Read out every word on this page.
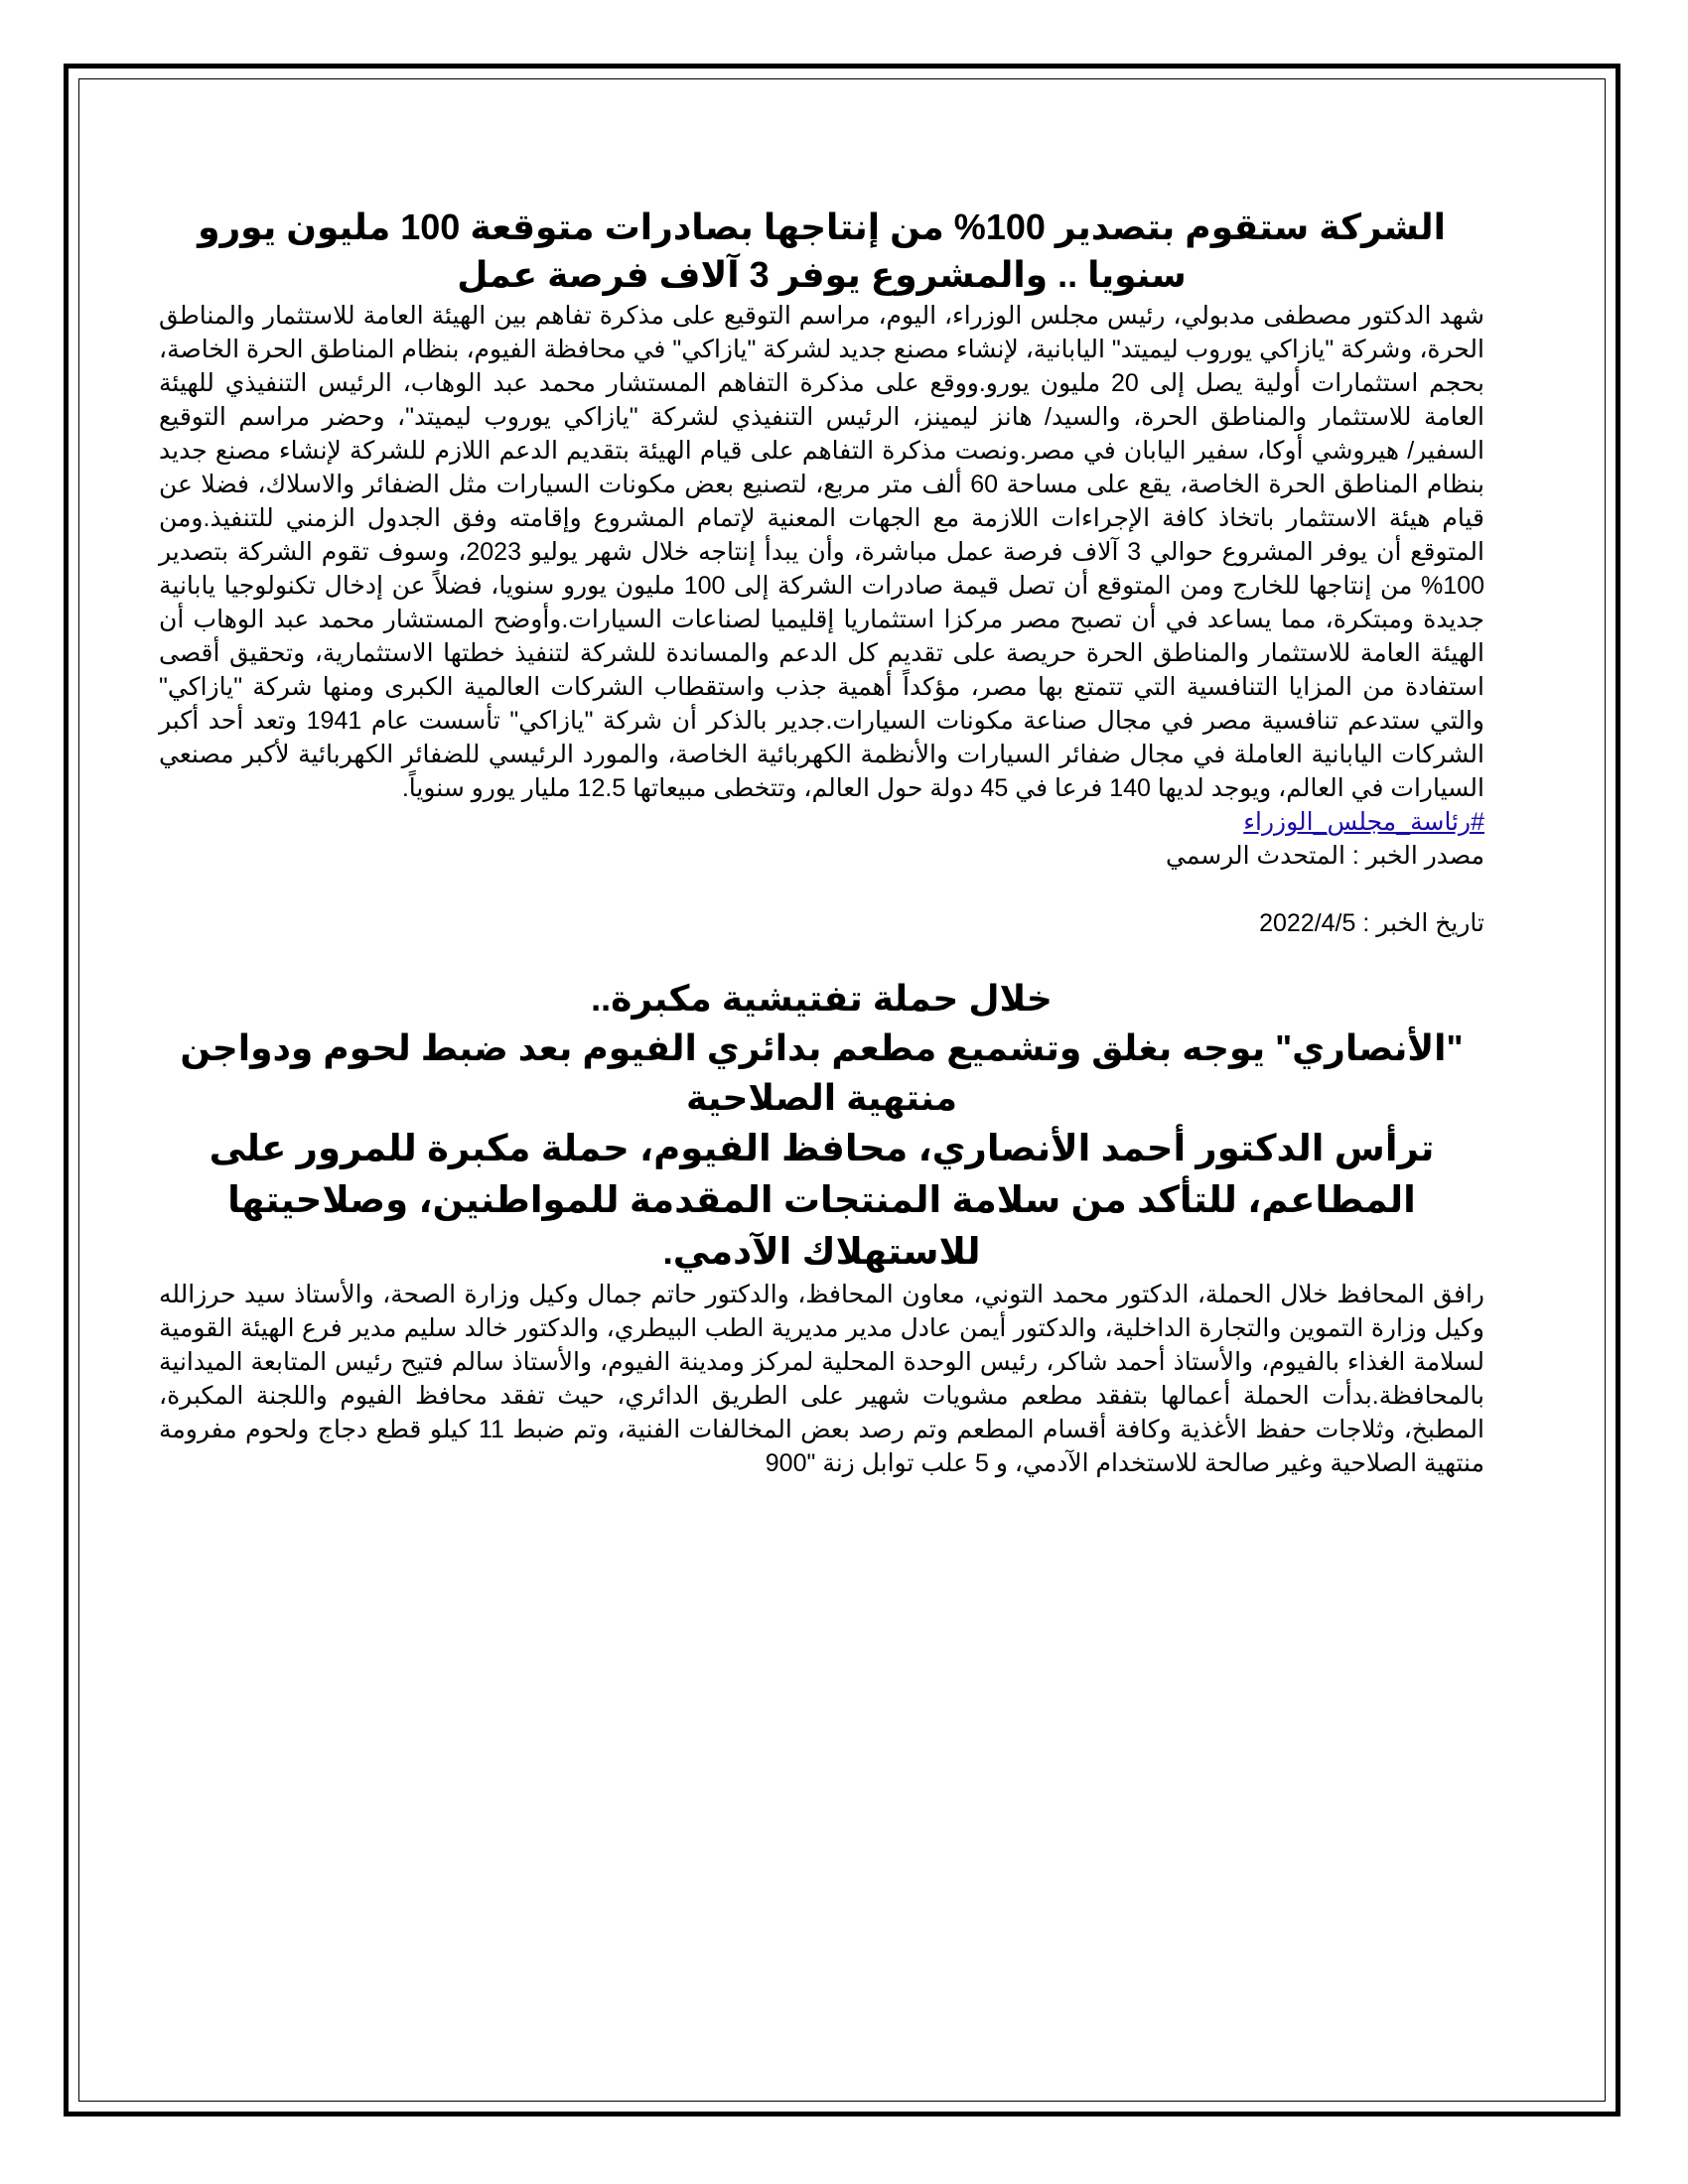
الشركة ستقوم بتصدير 100% من إنتاجها بصادرات متوقعة 100 مليون يورو سنويا .. والمشروع يوفر 3 آلاف فرصة عمل

شهد الدكتور مصطفى مدبولي، رئيس مجلس الوزراء، اليوم، مراسم التوقيع على مذكرة تفاهم بين الهيئة العامة للاستثمار والمناطق الحرة، وشركة "يازاكي يوروب ليميتد" اليابانية، لإنشاء مصنع جديد لشركة "يازاكي" في محافظة الفيوم، بنظام المناطق الحرة الخاصة، بحجم استثمارات أولية يصل إلى 20 مليون يورو.ووقع على مذكرة التفاهم المستشار محمد عبد الوهاب، الرئيس التنفيذي للهيئة العامة للاستثمار والمناطق الحرة، والسيد/ هانز ليمينز، الرئيس التنفيذي لشركة "يازاكي يوروب ليميتد"، وحضر مراسم التوقيع السفير/ هيروشي أوكا، سفير اليابان في مصر.ونصت مذكرة التفاهم على قيام الهيئة بتقديم الدعم اللازم للشركة لإنشاء مصنع جديد بنظام المناطق الحرة الخاصة، يقع على مساحة 60 ألف متر مربع، لتصنيع بعض مكونات السيارات مثل الضفائر والاسلاك، فضلا عن قيام هيئة الاستثمار باتخاذ كافة الإجراءات اللازمة مع الجهات المعنية لإتمام المشروع وإقامته وفق الجدول الزمني للتنفيذ.ومن المتوقع أن يوفر المشروع حوالي 3 آلاف فرصة عمل مباشرة، وأن يبدأ إنتاجه خلال شهر يوليو 2023، وسوف تقوم الشركة بتصدير 100% من إنتاجها للخارج ومن المتوقع أن تصل قيمة صادرات الشركة إلى 100 مليون يورو سنويا، فضلاً عن إدخال تكنولوجيا يابانية جديدة ومبتكرة، مما يساعد في أن تصبح مصر مركزا استثماريا إقليميا لصناعات السيارات.وأوضح المستشار محمد عبد الوهاب أن الهيئة العامة للاستثمار والمناطق الحرة حريصة على تقديم كل الدعم والمساندة للشركة لتنفيذ خطتها الاستثمارية، وتحقيق أقصى استفادة من المزايا التنافسية التي تتمتع بها مصر، مؤكداً أهمية جذب واستقطاب الشركات العالمية الكبرى ومنها شركة "يازاكي" والتي ستدعم تنافسية مصر في مجال صناعة مكونات السيارات.جدير بالذكر أن شركة "يازاكي" تأسست عام 1941 وتعد أحد أكبر الشركات اليابانية العاملة في مجال ضفائر السيارات والأنظمة الكهربائية الخاصة، والمورد الرئيسي للضفائر الكهربائية لأكبر مصنعي السيارات في العالم، ويوجد لديها 140 فرعا في 45 دولة حول العالم، وتتخطى مبيعاتها 12.5 مليار يورو سنوياً.

#رئاسة_مجلس_الوزراء

مصدر الخبر : المتحدث الرسمي

تاريخ الخبر : 2022/4/5

خلال حملة تفتيشية مكبرة..
"الأنصاري" يوجه بغلق وتشميع مطعم بدائري الفيوم بعد ضبط لحوم ودواجن منتهية الصلاحية
ترأس الدكتور أحمد الأنصاري، محافظ الفيوم، حملة مكبرة للمرور على المطاعم، للتأكد من سلامة المنتجات المقدمة للمواطنين، وصلاحيتها للاستهلاك الآدمي.

رافق المحافظ خلال الحملة، الدكتور محمد التوني، معاون المحافظ، والدكتور حاتم جمال وكيل وزارة الصحة، والأستاذ سيد حرزالله وكيل وزارة التموين والتجارة الداخلية، والدكتور أيمن عادل مدير مديرية الطب البيطري، والدكتور خالد سليم مدير فرع الهيئة القومية لسلامة الغذاء بالفيوم، والأستاذ أحمد شاكر، رئيس الوحدة المحلية لمركز ومدينة الفيوم، والأستاذ سالم فتيح رئيس المتابعة الميدانية بالمحافظة.بدأت الحملة أعمالها بتفقد مطعم مشويات شهير على الطريق الدائري، حيث تفقد محافظ الفيوم واللجنة المكبرة، المطبخ، وثلاجات حفظ الأغذية وكافة أقسام المطعم وتم رصد بعض المخالفات الفنية، وتم ضبط 11 كيلو قطع دجاج ولحوم مفرومة منتهية الصلاحية وغير صالحة للاستخدام الآدمي، و 5 علب توابل زنة "900
